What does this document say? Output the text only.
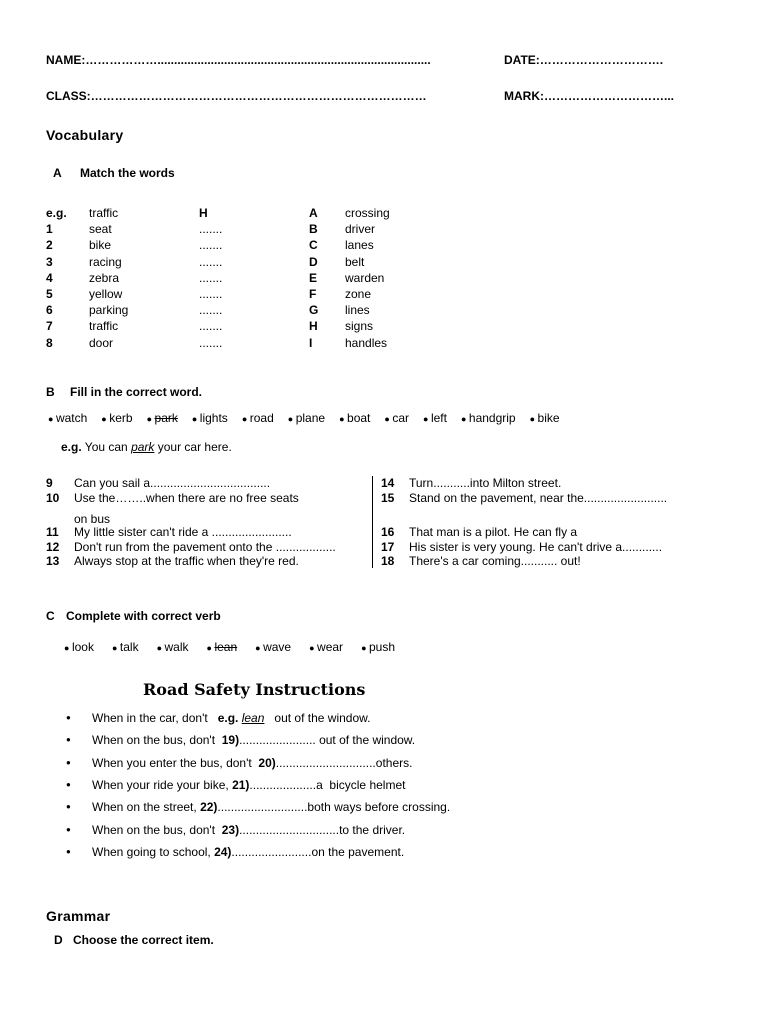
NAME:………………..................................................................................	DATE:………………………….
CLASS:…………………………………………………………………………	MARK:…………………………...
Vocabulary
A Match the words
e.g. traffic	H	A crossing
1	seat	.......	B driver
2	bike	.......	C lanes
3	racing	.......	D belt
4	zebra	.......	E warden
5	yellow	.......	F zone
6	parking	.......	G lines
7	traffic	.......	H signs
8	door	.......	I	handles
B Fill in the correct word.
● watch ● kerb ● park ● lights ● road ● plane ● boat ● car ● left ● handgrip ● bike
e.g. You can park your car here.
9 Can you sail a....................................
10 Use the……..when there are no free seats
on bus
11 My little sister can't ride a ........................
12 Don't run from the pavement onto the ..................
13 Always stop at the traffic when they're red.
14 Turn...........into Milton street.
15 Stand on the pavement, near the.........................
16 That man is a pilot. He can fly a
17 His sister is very young. He can't drive a............
18 There's a car coming........... out!
C Complete with correct verb
● look ● talk ● walk ● lean ● wave ● wear ● push
Road Safety Instructions
● When in the car, don't   e.g. lean   out of the window.
● When on the bus, don't  19)....................... out of the window.
● When you enter the bus, don't  20)..............................others.
● When your ride your bike, 21)....................a  bicycle helmet
● When on the street, 22)...........................both ways before crossing.
● When on the bus, don't  23)..............................to the driver.
● When going to school, 24)........................on the pavement.
Grammar
D Choose the correct item.
